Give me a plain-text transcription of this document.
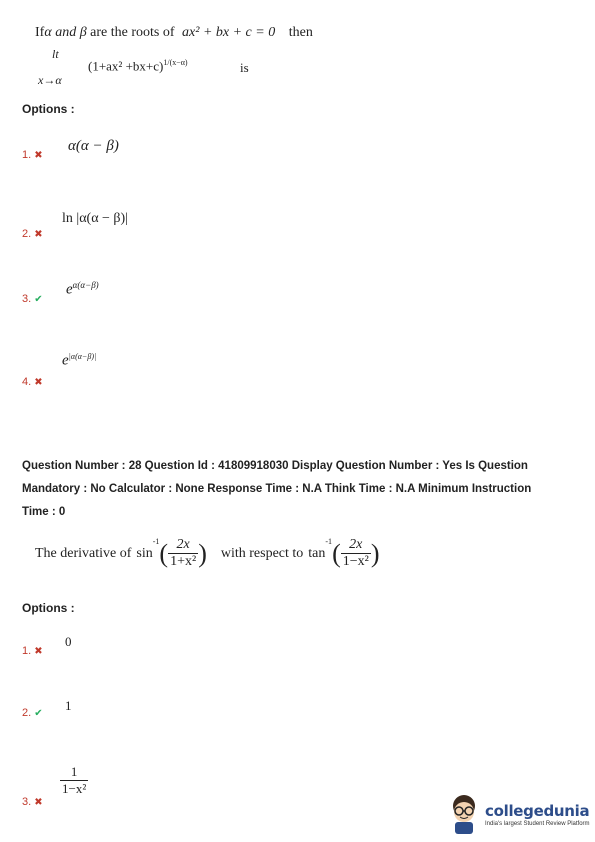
Ifα and β are the roots of ax² + bx + c = 0 then
lt
$(1+ax^2 +bx+c)^{1/(x-\alpha)}$	is
x→α
Options :
1. ✖
α(α − β)
2. ✖
ln |α(α − β)|
3. ✔
$e^{\alpha(\alpha-\beta)}$
4. ✖
$e^{|\alpha(\alpha-\beta)|}$
Question Number : 28 Question Id : 41809918030 Display Question Number : Yes Is Question
Mandatory : No Calculator : None Response Time : N.A Think Time : N.A Minimum Instruction
Time : 0
The derivative of sin
$^{-1}$ ( $\frac{2x}{\text{1+x²}}$ ) with respect to tan
$^{-1}$ ( $\frac{2x}{\text{1−x²}}$ )
Options :
1. ✖
0
2. ✔
1
3. ✖
$\frac{1}{\text{1−x²}}$
collegedunia
India's largest Student Review Platform
